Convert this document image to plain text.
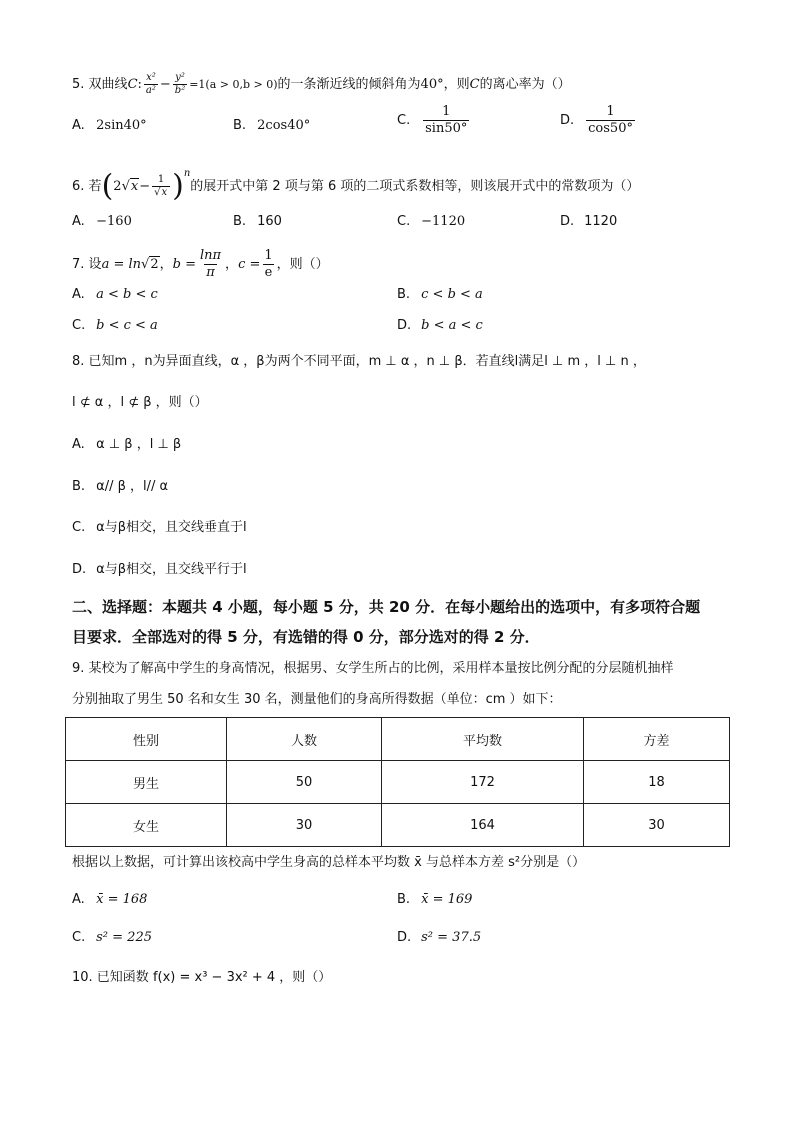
5. 双曲线C: $\frac{\text{x²}}{\text{a²}} - \frac{\text{y²}}{\text{b²}} =1(a > 0,b > 0)$的一条渐近线的倾斜角为40°，则C的离心率为（）
A. 2sin40°	B. 2cos40°	C. $\frac{1}{\sin 50^\circ}$	D. $\frac{1}{\cos 50^\circ}$
6. 若$(2√x- \frac{1}{√x} )^n$的展开式中第 2 项与第 6 项的二项式系数相等，则该展开式中的常数项为（）
A. −160	B. 160	C. −1120	D. 1120
7. 设a = ln√2，$b = \frac{\ln\pi}{\pi}$ ，$c = \frac{1}{e}$ ，则（）
A. a < b < c	B. c < b < a
C. b < c < a	D. b < a < c
8. 已知m ，n为异面直线，α ，β为两个不同平面，m ⊥ α ，n ⊥ β．若直线l满足l ⊥ m ，l ⊥ n ，
l ⊄ α ，l ⊄ β ，则（）
A. α ⊥ β ，l ⊥ β
B. α// β ，l// α
C. α与β相交，且交线垂直于l
D. α与β相交，且交线平行于l
二、选择题：本题共 4 小题，每小题 5 分，共 20 分．在每小题给出的选项中，有多项符合题
目要求．全部选对的得 5 分，有选错的得 0 分，部分选对的得 2 分．
9. 某校为了解高中学生的身高情况，根据男、女学生所占的比例，采用样本量按比例分配的分层随机抽样
分别抽取了男生 50 名和女生 30 名，测量他们的身高所得数据（单位：cm ）如下：
性别	人数	平均数	方差
男生	50	172	18
女生	30	164	30
根据以上数据，可计算出该校高中学生身高的总样本平均数 x̄ 与总样本方差 s²分别是（）
A. x̄ = 168	B. x̄ = 169
C. s² = 225	D. s² = 37.5
10. 已知函数 f(x) = x³ − 3x² + 4 ，则（）
